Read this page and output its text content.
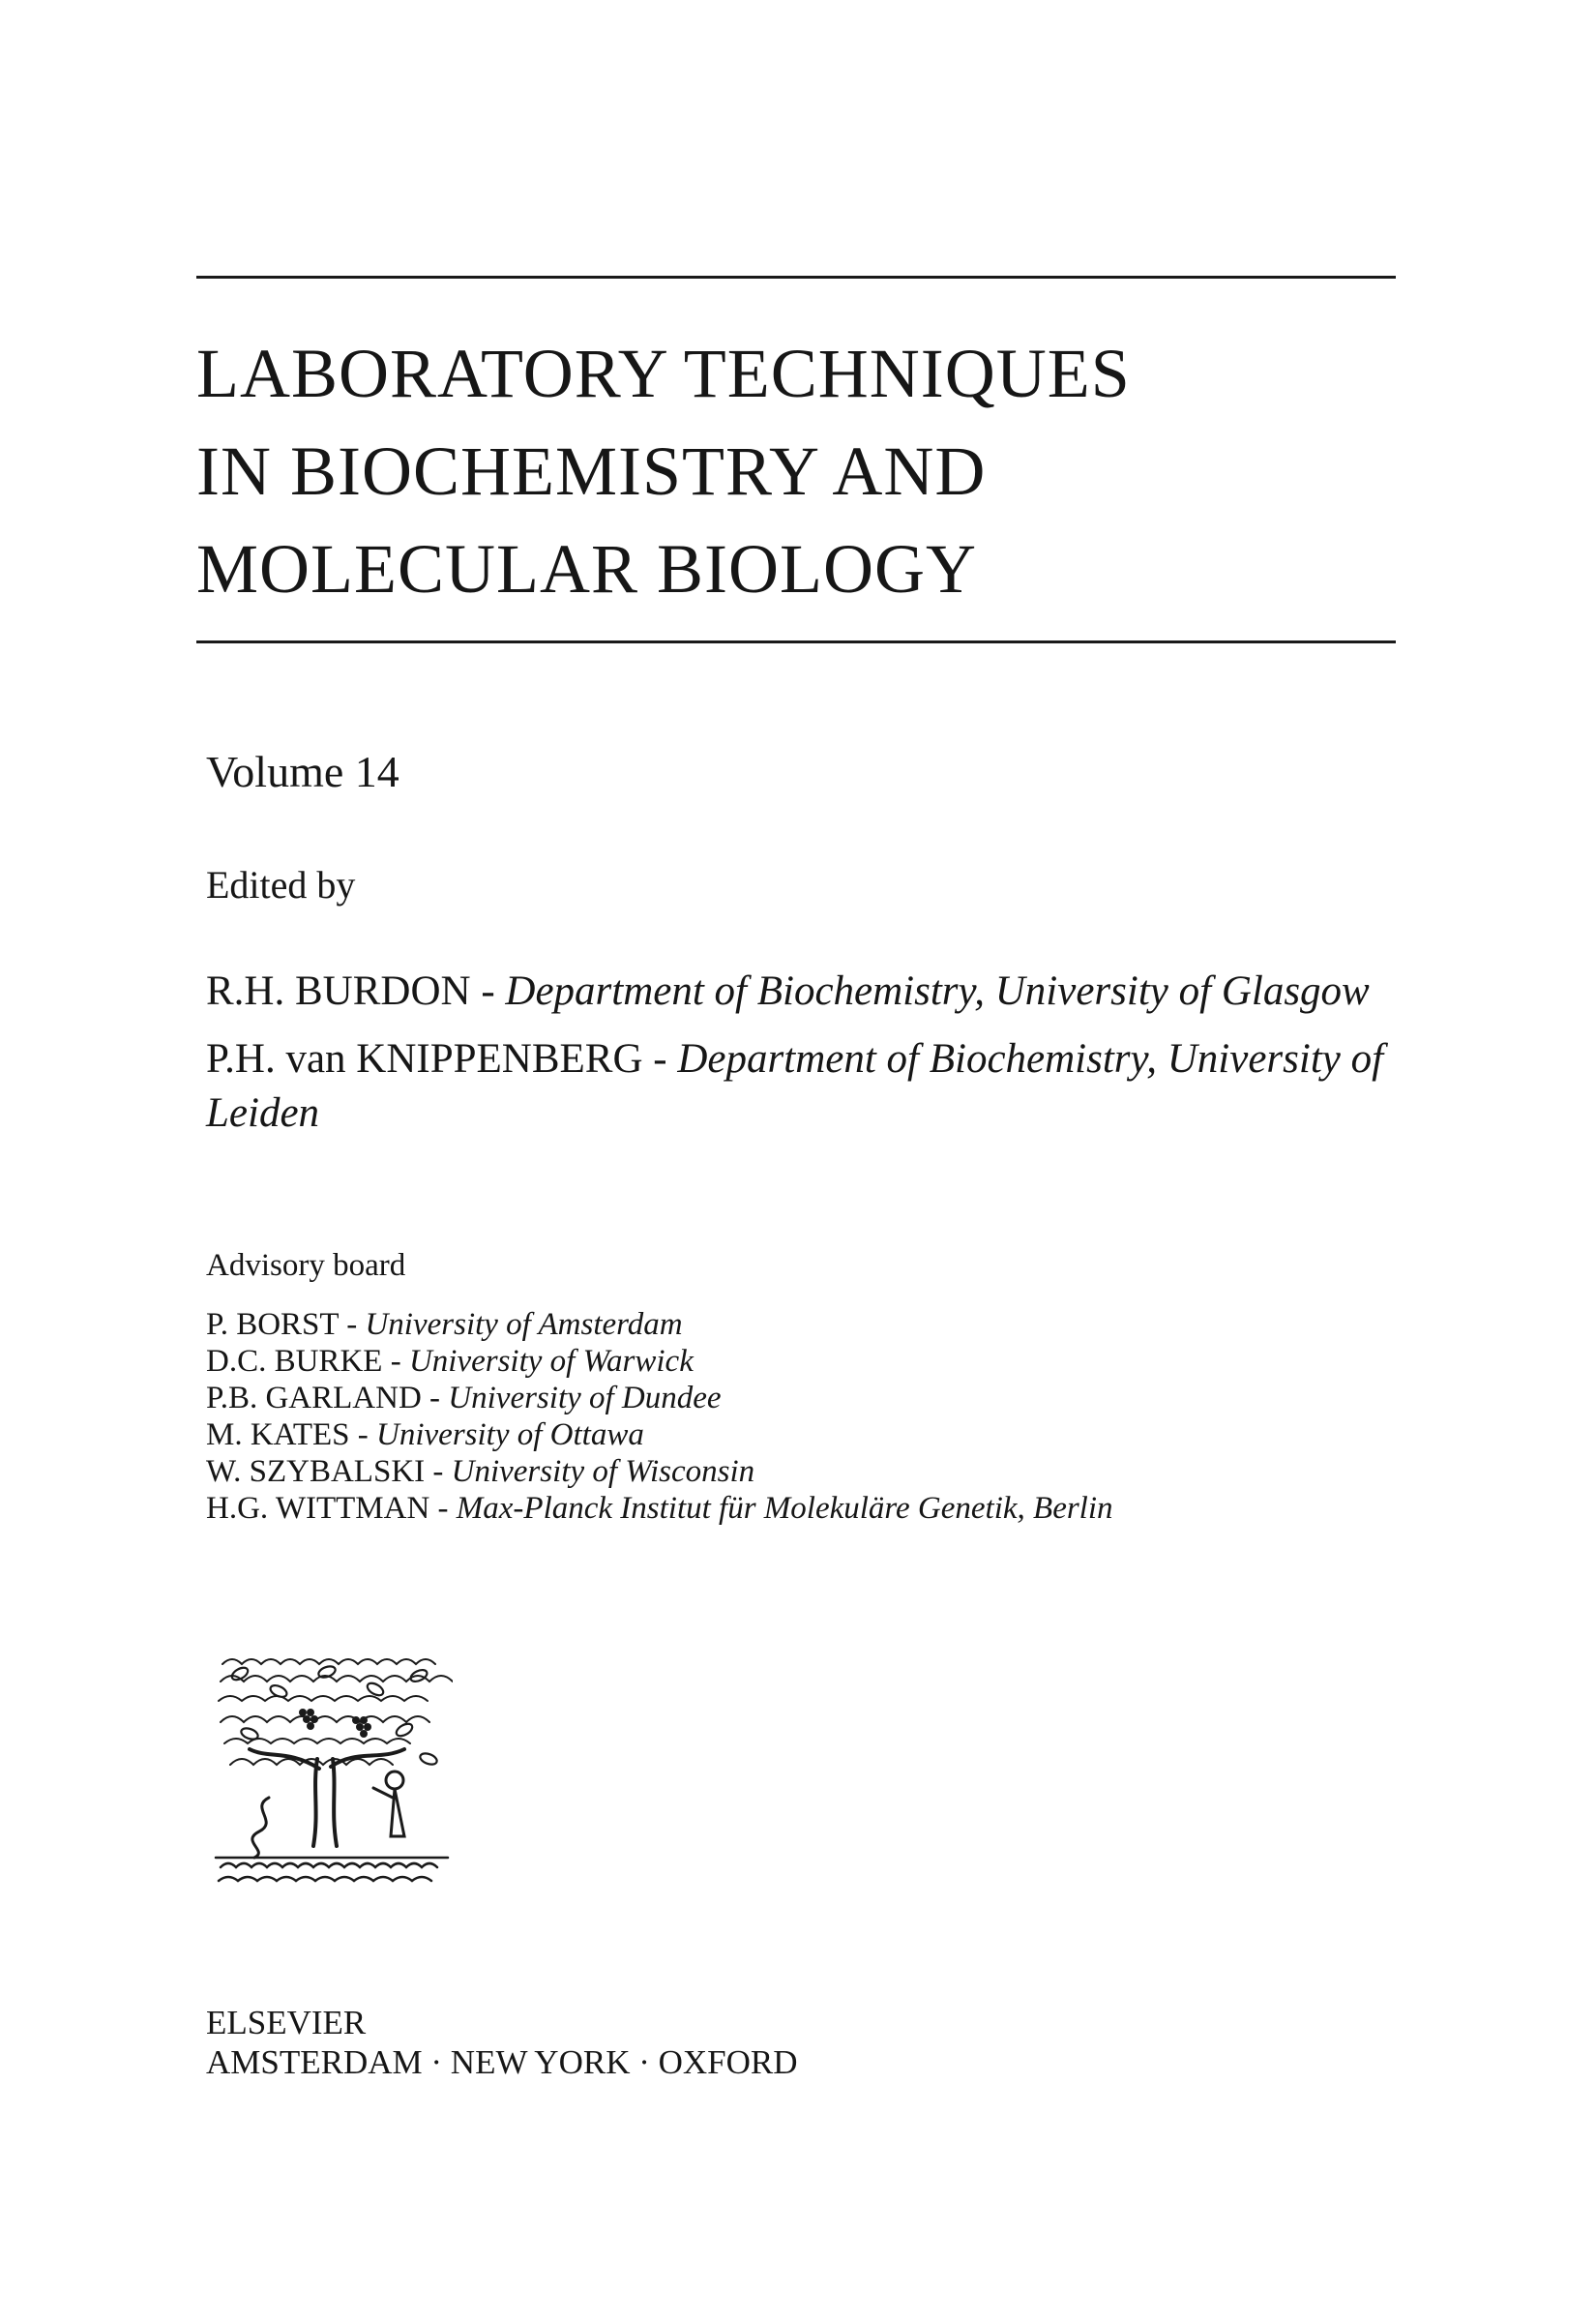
LABORATORY TECHNIQUES
IN BIOCHEMISTRY AND
MOLECULAR BIOLOGY
Volume 14
Edited by
R.H. BURDON - Department of Biochemistry, University of Glasgow
P.H. van KNIPPENBERG - Department of Biochemistry, University of Leiden
Advisory board
P. BORST - University of Amsterdam
D.C. BURKE - University of Warwick
P.B. GARLAND - University of Dundee
M. KATES - University of Ottawa
W. SZYBALSKI - University of Wisconsin
H.G. WITTMAN - Max-Planck Institut für Molekuläre Genetik, Berlin
ELSEVIER
AMSTERDAM · NEW YORK · OXFORD
